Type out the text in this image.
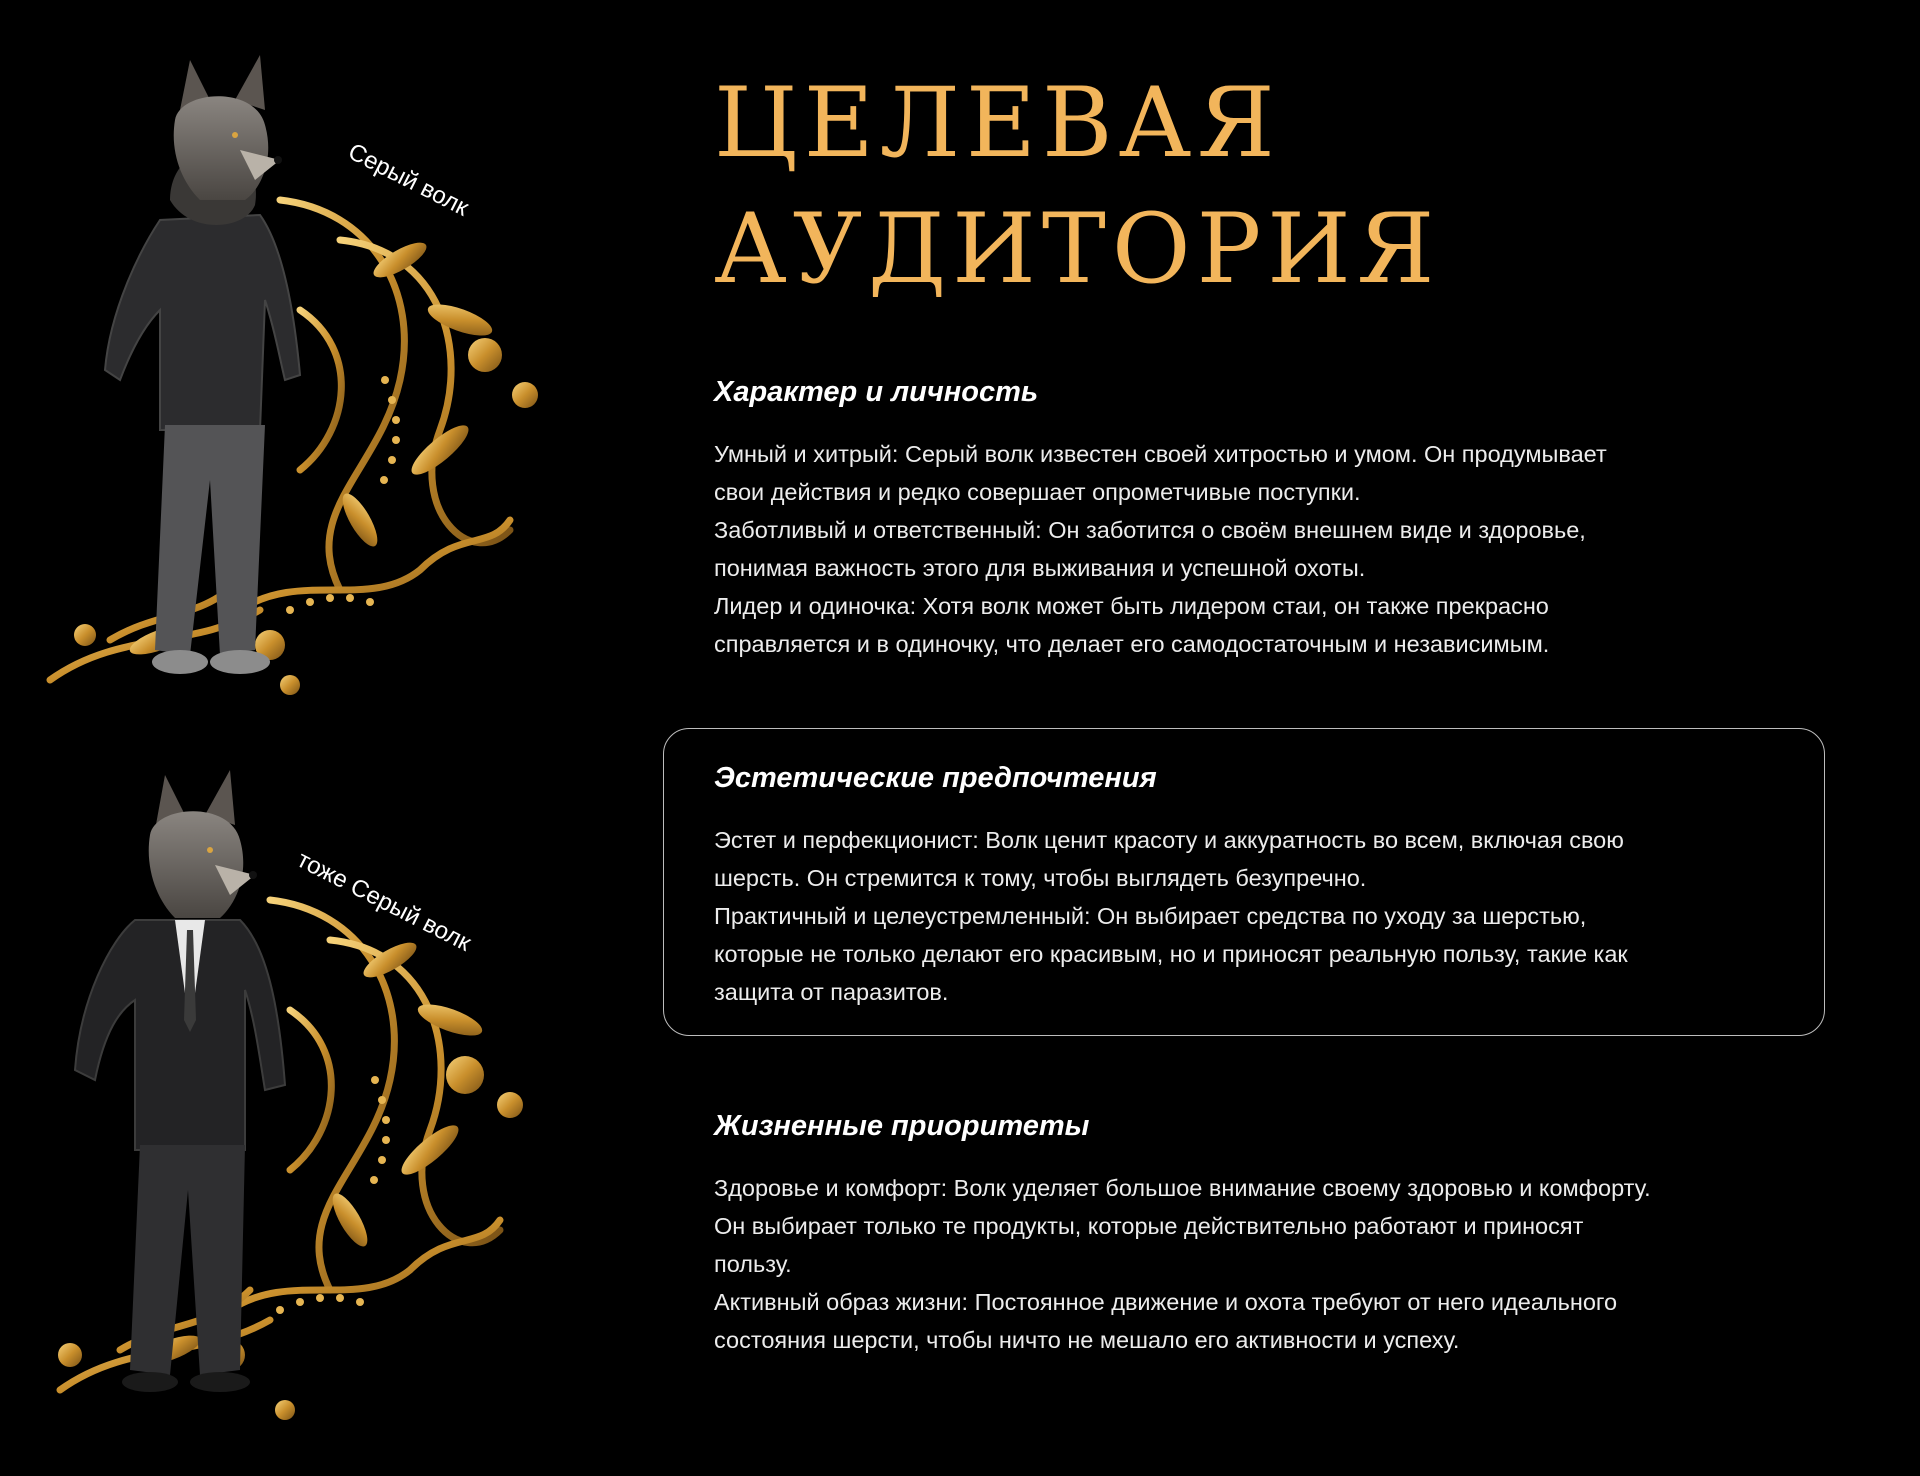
Серый волк
тоже Серый волк
ЦЕЛЕВАЯ
АУДИТОРИЯ
Характер и личность

Умный и хитрый: Серый волк известен своей хитростью и умом. Он продумывает
свои действия и редко совершает опрометчивые поступки.
Заботливый и ответственный: Он заботится о своём внешнем виде и здоровье,
понимая важность этого для выживания и успешной охоты.
Лидер и одиночка: Хотя волк может быть лидером стаи, он также прекрасно
справляется и в одиночку, что делает его самодостаточным и независимым.

Эстетические предпочтения

Эстет и перфекционист: Волк ценит красоту и аккуратность во всем, включая свою
шерсть. Он стремится к тому, чтобы выглядеть безупречно.
Практичный и целеустремленный: Он выбирает средства по уходу за шерстью,
которые не только делают его красивым, но и приносят реальную пользу, такие как
защита от паразитов.

Жизненные приоритеты

Здоровье и комфорт: Волк уделяет большое внимание своему здоровью и комфорту.
Он выбирает только те продукты, которые действительно работают и приносят
пользу.
Активный образ жизни: Постоянное движение и охота требуют от него идеального
состояния шерсти, чтобы ничто не мешало его активности и успеху.
